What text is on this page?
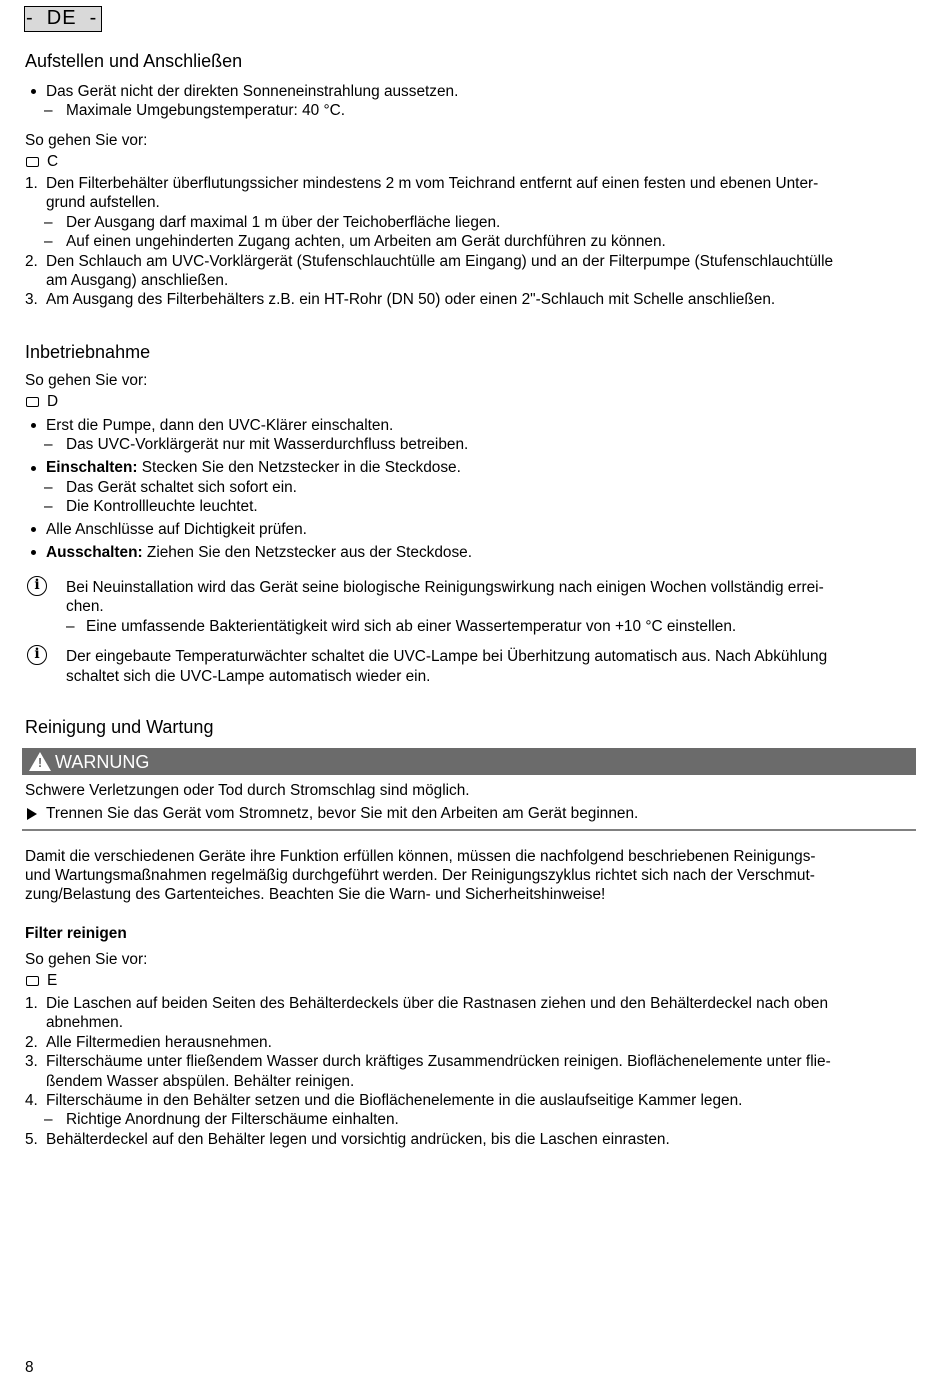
-  DE  -
Aufstellen und Anschließen
Das Gerät nicht der direkten Sonneneinstrahlung aussetzen.
– Maximale Umgebungstemperatur: 40 °C.
So gehen Sie vor:
C
1. Den Filterbehälter überflutungssicher mindestens 2 m vom Teichrand entfernt auf einen festen und ebenen Unter-
grund aufstellen.
– Der Ausgang darf maximal 1 m über der Teichoberfläche liegen.
– Auf einen ungehinderten Zugang achten, um Arbeiten am Gerät durchführen zu können.
2. Den Schlauch am UVC-Vorklärgerät (Stufenschlauchtülle am Eingang) und an der Filterpumpe (Stufenschlauchtülle
am Ausgang) anschließen.
3. Am Ausgang des Filterbehälters z.B. ein HT-Rohr (DN 50) oder einen 2"-Schlauch mit Schelle anschließen.
Inbetriebnahme
So gehen Sie vor:
D
Erst die Pumpe, dann den UVC-Klärer einschalten.
– Das UVC-Vorklärgerät nur mit Wasserdurchfluss betreiben.
Einschalten: Stecken Sie den Netzstecker in die Steckdose.
– Das Gerät schaltet sich sofort ein.
– Die Kontrollleuchte leuchtet.
Alle Anschlüsse auf Dichtigkeit prüfen.
Ausschalten: Ziehen Sie den Netzstecker aus der Steckdose.
i	Bei Neuinstallation wird das Gerät seine biologische Reinigungswirkung nach einigen Wochen vollständig errei-
chen.
– Eine umfassende Bakterientätigkeit wird sich ab einer Wassertemperatur von +10 °C einstellen.
i	Der eingebaute Temperaturwächter schaltet die UVC-Lampe bei Überhitzung automatisch aus. Nach Abkühlung
schaltet sich die UVC-Lampe automatisch wieder ein.
Reinigung und Wartung
! WARNUNG
Schwere Verletzungen oder Tod durch Stromschlag sind möglich.
Trennen Sie das Gerät vom Stromnetz, bevor Sie mit den Arbeiten am Gerät beginnen.
Damit die verschiedenen Geräte ihre Funktion erfüllen können, müssen die nachfolgend beschriebenen Reinigungs-
und Wartungsmaßnahmen regelmäßig durchgeführt werden. Der Reinigungszyklus richtet sich nach der Verschmut-
zung/Belastung des Gartenteiches. Beachten Sie die Warn- und Sicherheitshinweise!
Filter reinigen
So gehen Sie vor:
E
1. Die Laschen auf beiden Seiten des Behälterdeckels über die Rastnasen ziehen und den Behälterdeckel nach oben
abnehmen.
2. Alle Filtermedien herausnehmen.
3. Filterschäume unter fließendem Wasser durch kräftiges Zusammendrücken reinigen. Bioflächenelemente unter flie-
ßendem Wasser abspülen. Behälter reinigen.
4. Filterschäume in den Behälter setzen und die Bioflächenelemente in die auslaufseitige Kammer legen.
– Richtige Anordnung der Filterschäume einhalten.
5. Behälterdeckel auf den Behälter legen und vorsichtig andrücken, bis die Laschen einrasten.
8
